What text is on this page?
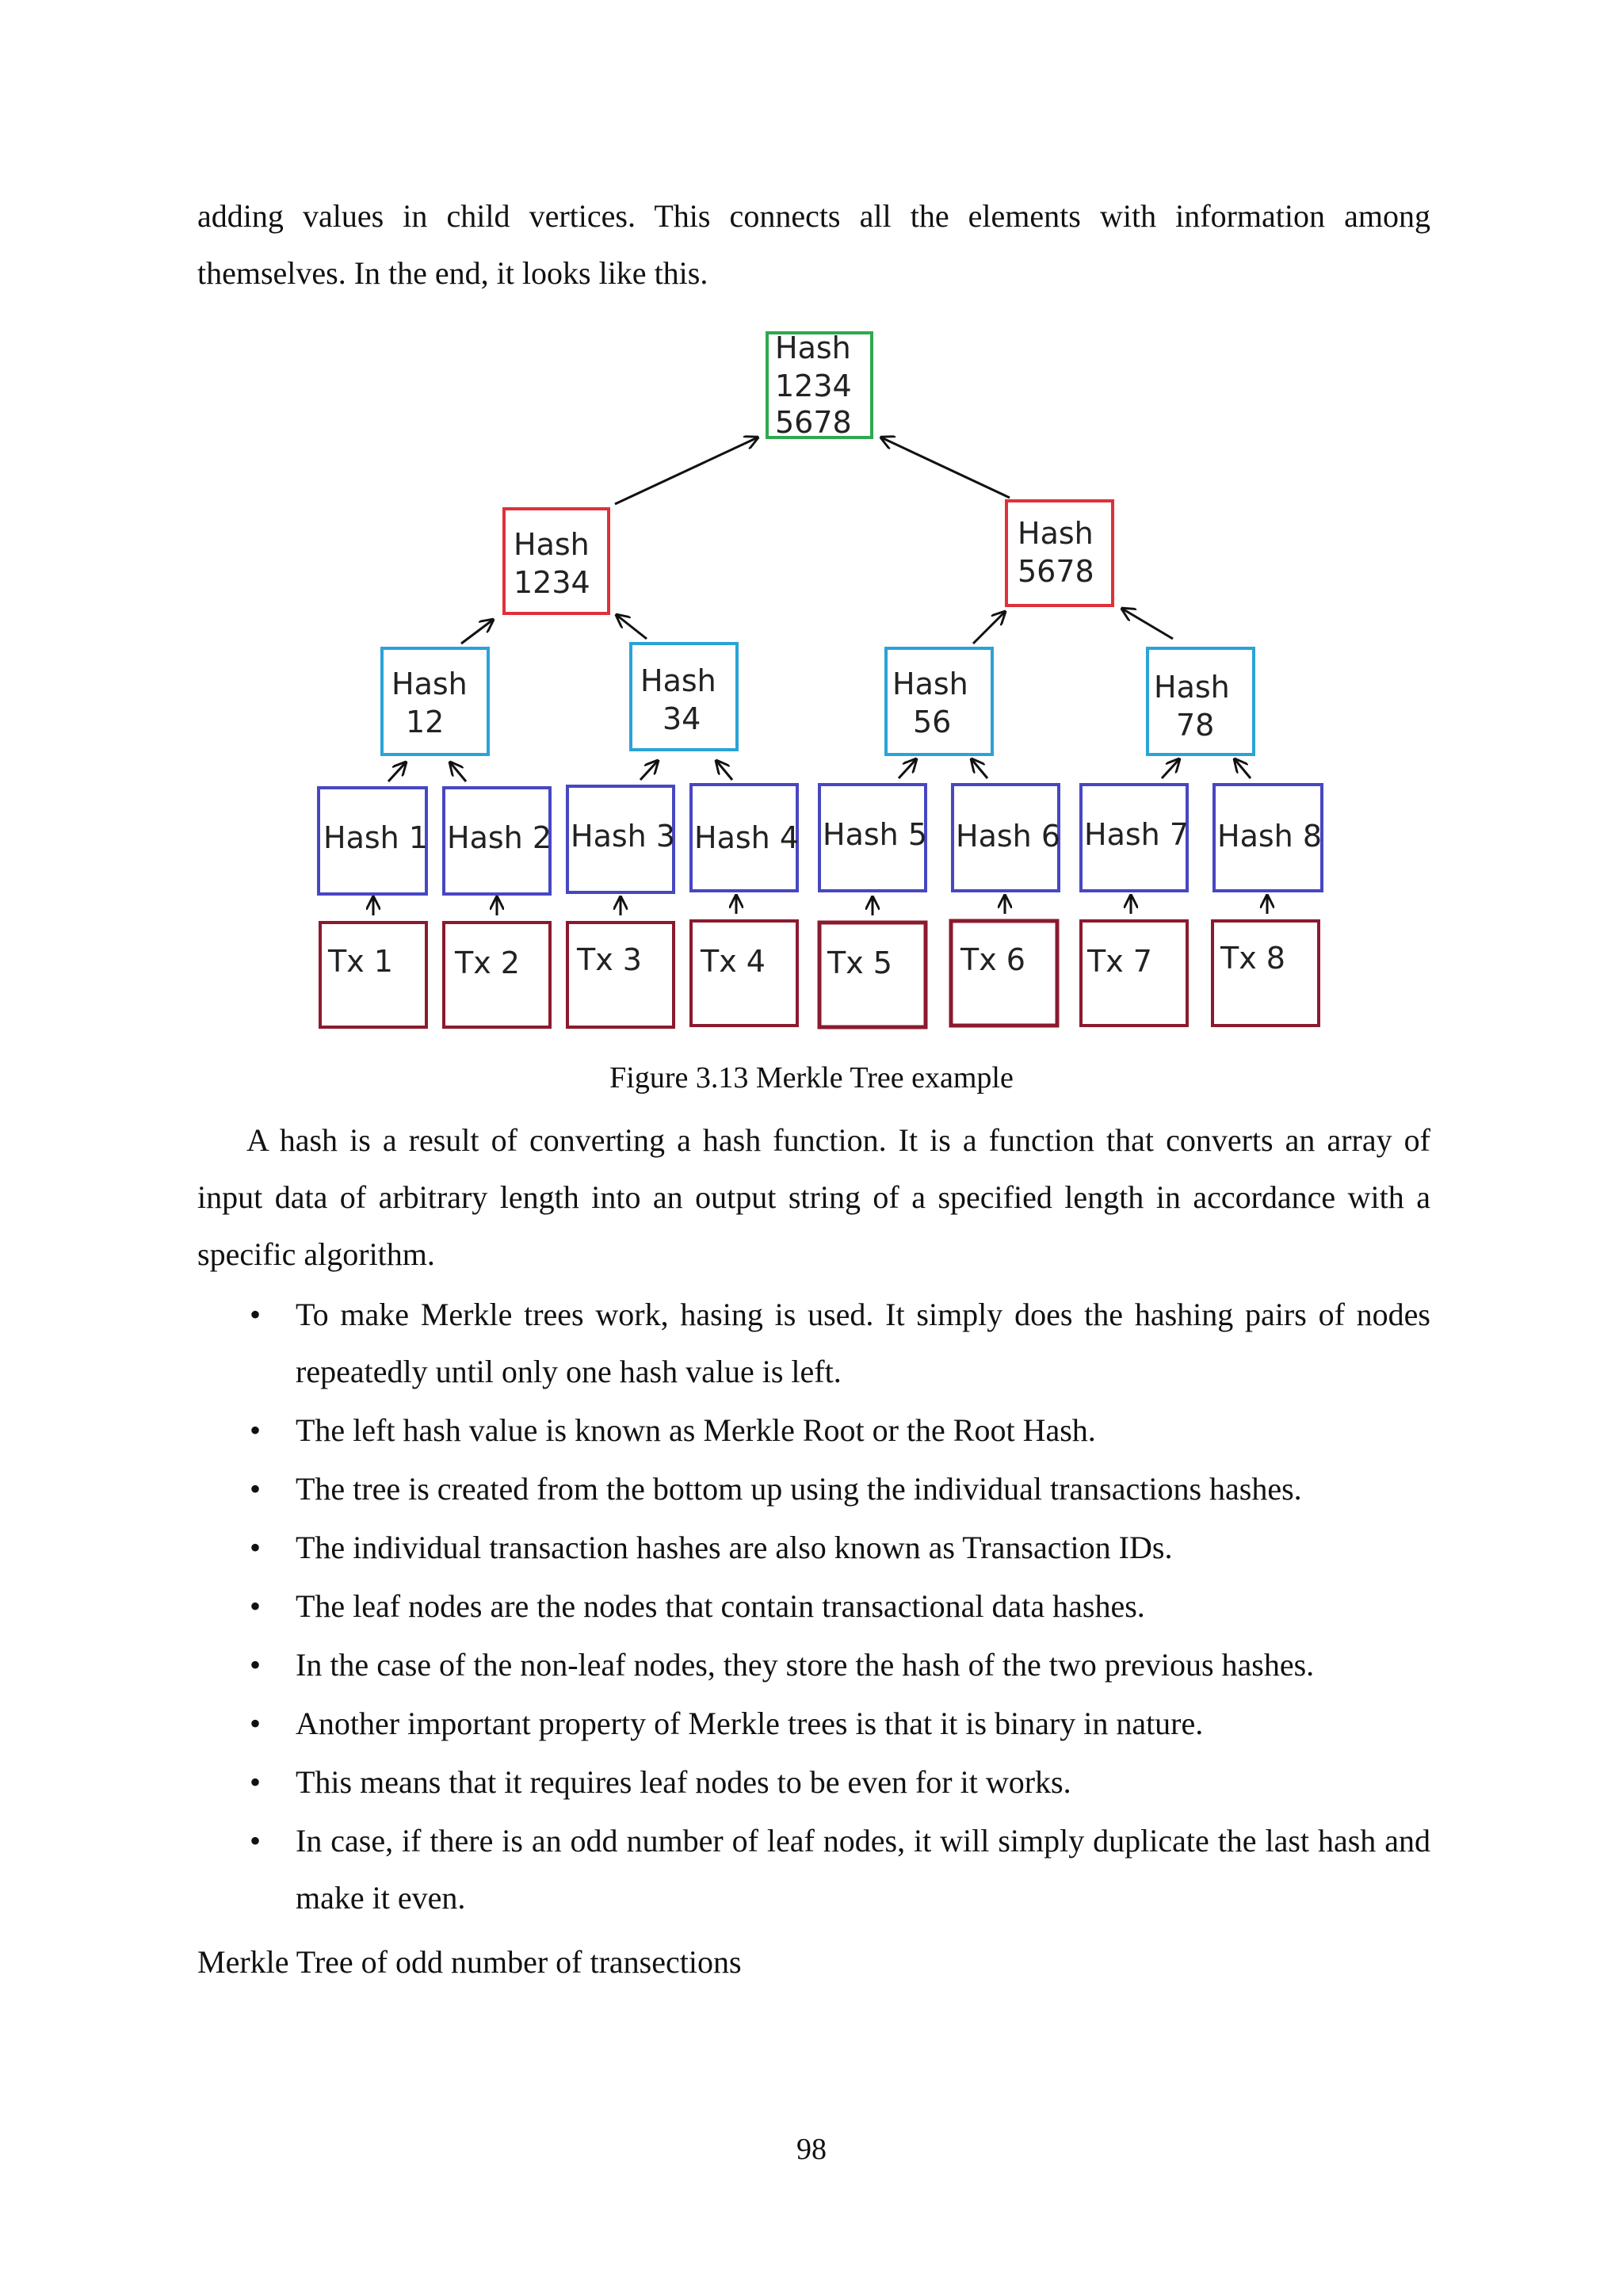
adding values in child vertices. This connects all the elements with information among themselves. In the end, it looks like this.

Hash
1234
5678
Hash
1234
Hash
5678
Hash
12
Hash
34
Hash
56
Hash
78
Hash 1 Hash 2 Hash 3 Hash 4 Hash 5 Hash 6 Hash 7 Hash 8
Tx 1 Tx 2 Tx 3 Tx 4 Tx 5 Tx 6 Tx 7 Tx 8
Figure 3.13 Merkle Tree example

A hash is a result of converting a hash function. It is a function that converts an array of input data of arbitrary length into an output string of a specified length in accordance with a specific algorithm.

• To make Merkle trees work, hasing is used. It simply does the hashing pairs of nodes repeatedly until only one hash value is left.
• The left hash value is known as Merkle Root or the Root Hash.
• The tree is created from the bottom up using the individual transactions hashes.
• The individual transaction hashes are also known as Transaction IDs.
• The leaf nodes are the nodes that contain transactional data hashes.
• In the case of the non-leaf nodes, they store the hash of the two previous hashes.
• Another important property of Merkle trees is that it is binary in nature.
• This means that it requires leaf nodes to be even for it works.
• In case, if there is an odd number of leaf nodes, it will simply duplicate the last hash and make it even.

Merkle Tree of odd number of transections

98
